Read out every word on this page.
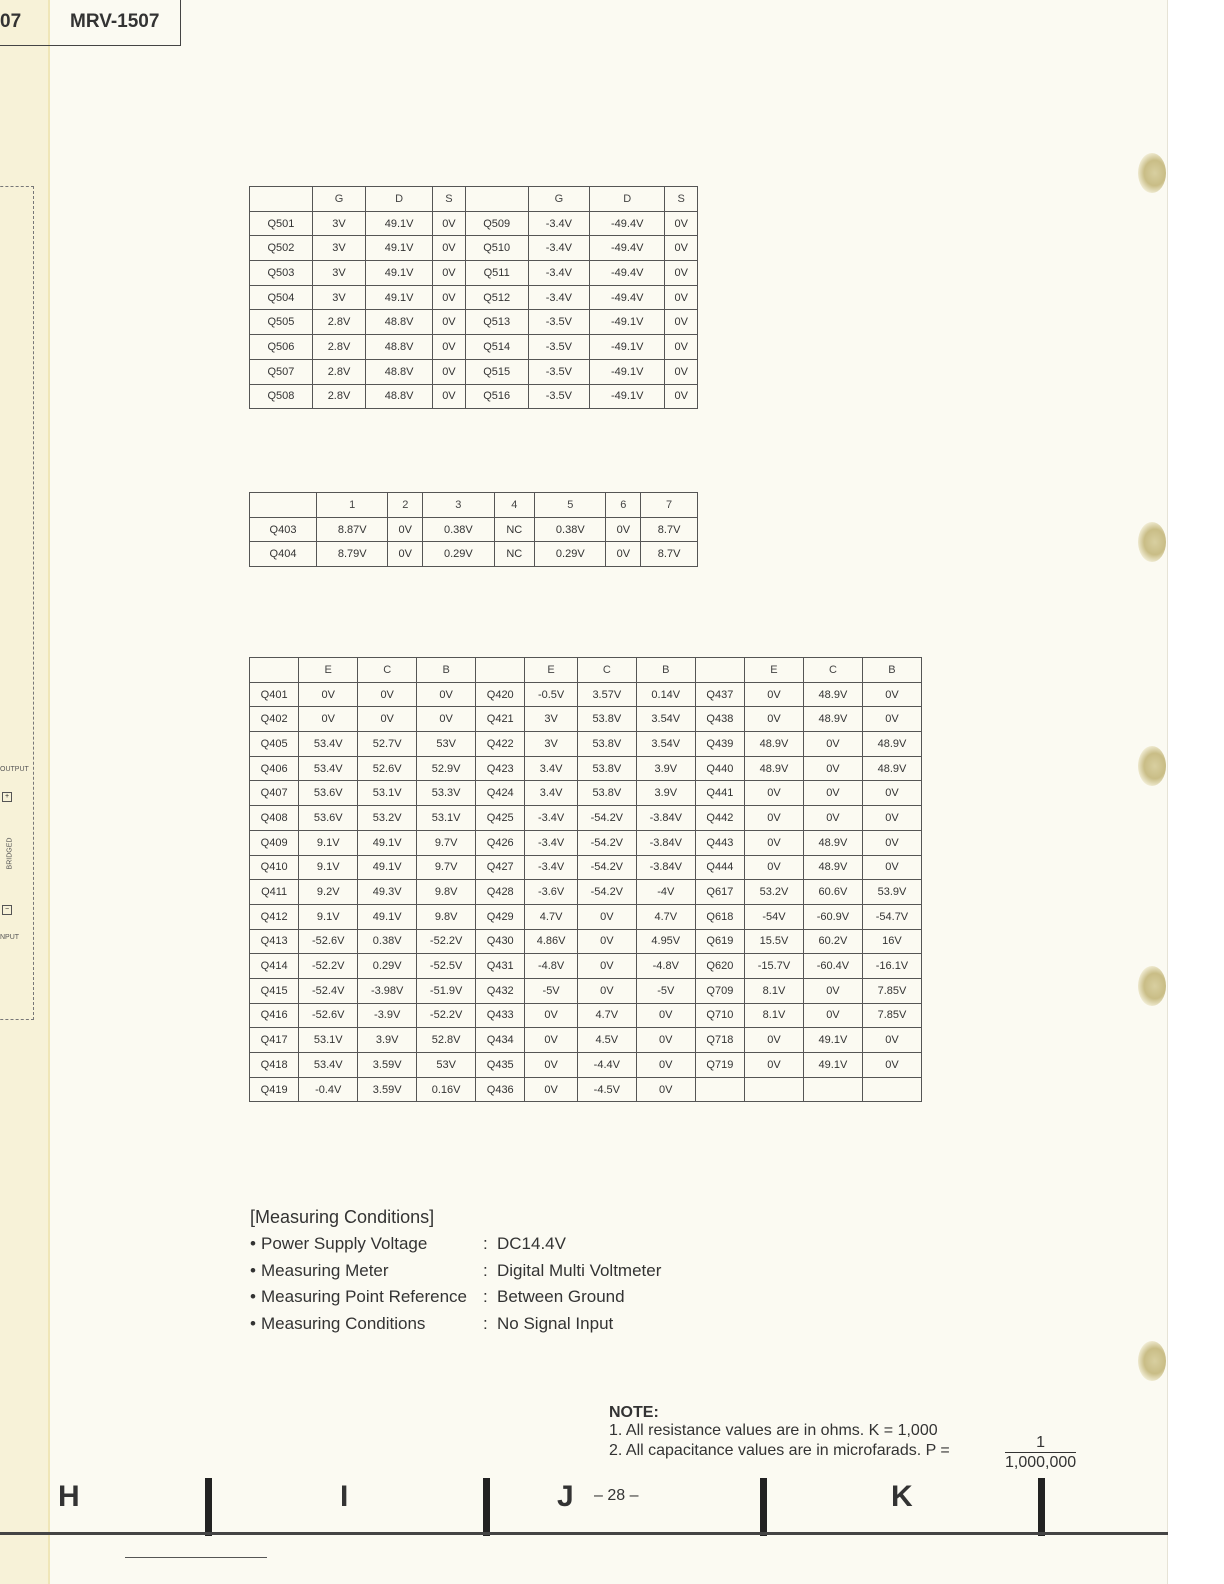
07	MRV-1507
OUTPUT
+
BRIDGED
−
NPUT
	G	D	S		G	D	S
Q501	3V	49.1V	0V	Q509	-3.4V	-49.4V	0V
Q502	3V	49.1V	0V	Q510	-3.4V	-49.4V	0V
Q503	3V	49.1V	0V	Q511	-3.4V	-49.4V	0V
Q504	3V	49.1V	0V	Q512	-3.4V	-49.4V	0V
Q505	2.8V	48.8V	0V	Q513	-3.5V	-49.1V	0V
Q506	2.8V	48.8V	0V	Q514	-3.5V	-49.1V	0V
Q507	2.8V	48.8V	0V	Q515	-3.5V	-49.1V	0V
Q508	2.8V	48.8V	0V	Q516	-3.5V	-49.1V	0V
	1	2	3	4	5	6	7
Q403	8.87V	0V	0.38V	NC	0.38V	0V	8.7V
Q404	8.79V	0V	0.29V	NC	0.29V	0V	8.7V
	E	C	B		E	C	B		E	C	B
Q401	0V	0V	0V	Q420	-0.5V	3.57V	0.14V	Q437	0V	48.9V	0V
Q402	0V	0V	0V	Q421	3V	53.8V	3.54V	Q438	0V	48.9V	0V
Q405	53.4V	52.7V	53V	Q422	3V	53.8V	3.54V	Q439	48.9V	0V	48.9V
Q406	53.4V	52.6V	52.9V	Q423	3.4V	53.8V	3.9V	Q440	48.9V	0V	48.9V
Q407	53.6V	53.1V	53.3V	Q424	3.4V	53.8V	3.9V	Q441	0V	0V	0V
Q408	53.6V	53.2V	53.1V	Q425	-3.4V	-54.2V	-3.84V	Q442	0V	0V	0V
Q409	9.1V	49.1V	9.7V	Q426	-3.4V	-54.2V	-3.84V	Q443	0V	48.9V	0V
Q410	9.1V	49.1V	9.7V	Q427	-3.4V	-54.2V	-3.84V	Q444	0V	48.9V	0V
Q411	9.2V	49.3V	9.8V	Q428	-3.6V	-54.2V	-4V	Q617	53.2V	60.6V	53.9V
Q412	9.1V	49.1V	9.8V	Q429	4.7V	0V	4.7V	Q618	-54V	-60.9V	-54.7V
Q413	-52.6V	0.38V	-52.2V	Q430	4.86V	0V	4.95V	Q619	15.5V	60.2V	16V
Q414	-52.2V	0.29V	-52.5V	Q431	-4.8V	0V	-4.8V	Q620	-15.7V	-60.4V	-16.1V
Q415	-52.4V	-3.98V	-51.9V	Q432	-5V	0V	-5V	Q709	8.1V	0V	7.85V
Q416	-52.6V	-3.9V	-52.2V	Q433	0V	4.7V	0V	Q710	8.1V	0V	7.85V
Q417	53.1V	3.9V	52.8V	Q434	0V	4.5V	0V	Q718	0V	49.1V	0V
Q418	53.4V	3.59V	53V	Q435	0V	-4.4V	0V	Q719	0V	49.1V	0V
Q419	-0.4V	3.59V	0.16V	Q436	0V	-4.5V	0V				
[Measuring Conditions]
• Power Supply Voltage	: DC14.4V
• Measuring Meter	: Digital Multi Voltmeter
• Measuring Point Reference : Between Ground
• Measuring Conditions	: No Signal Input
NOTE:
1. All resistance values are in ohms. K = 1,000
2. All capacitance values are in microfarads. P =	$\frac{1}{1,000,000}$
H	I	J – 28 –	K
